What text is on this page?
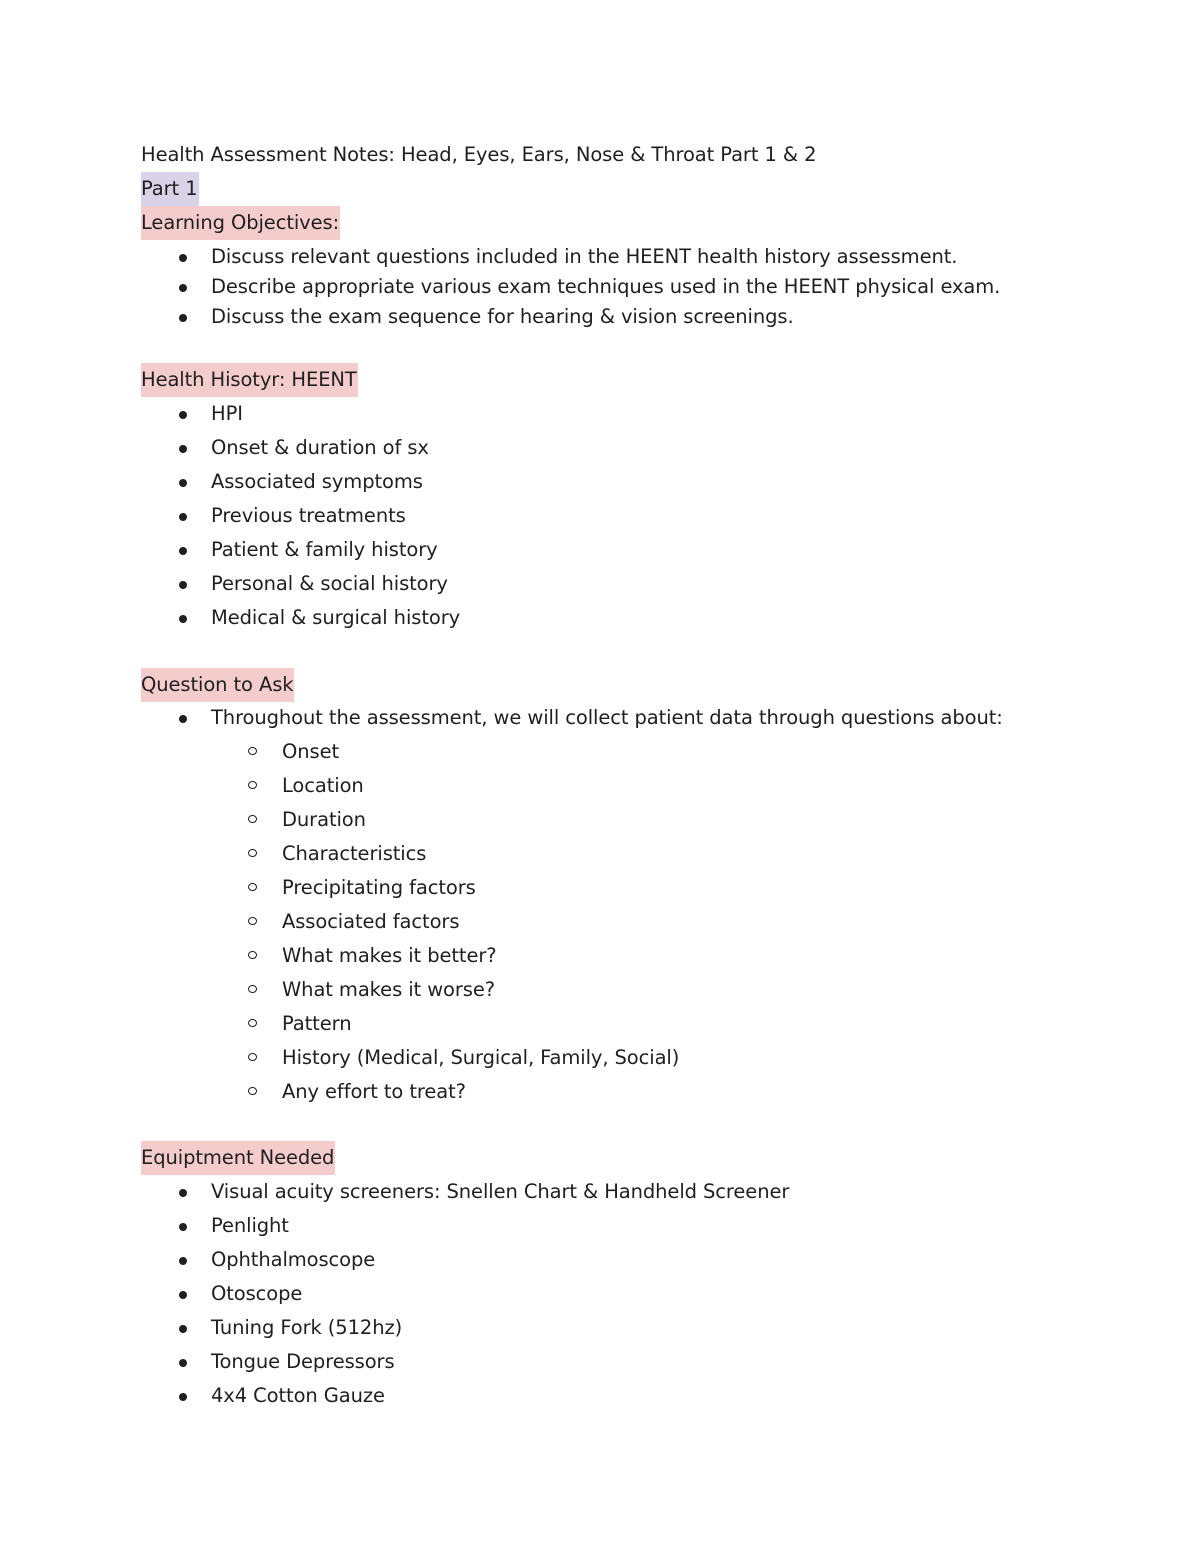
Health Assessment Notes: Head, Eyes, Ears, Nose & Throat Part 1 & 2
Part 1
Learning Objectives:
Discuss relevant questions included in the HEENT health history assessment.
Describe appropriate various exam techniques used in the HEENT physical exam.
Discuss the exam sequence for hearing & vision screenings.
Health Hisotyr: HEENT
HPI
Onset & duration of sx
Associated symptoms
Previous treatments
Patient & family history
Personal & social history
Medical & surgical history
Question to Ask
Throughout the assessment, we will collect patient data through questions about:
Onset
Location
Duration
Characteristics
Precipitating factors
Associated factors
What makes it better?
What makes it worse?
Pattern
History (Medical, Surgical, Family, Social)
Any effort to treat?
Equiptment Needed
Visual acuity screeners: Snellen Chart & Handheld Screener
Penlight
Ophthalmoscope
Otoscope
Tuning Fork (512hz)
Tongue Depressors
4x4 Cotton Gauze
